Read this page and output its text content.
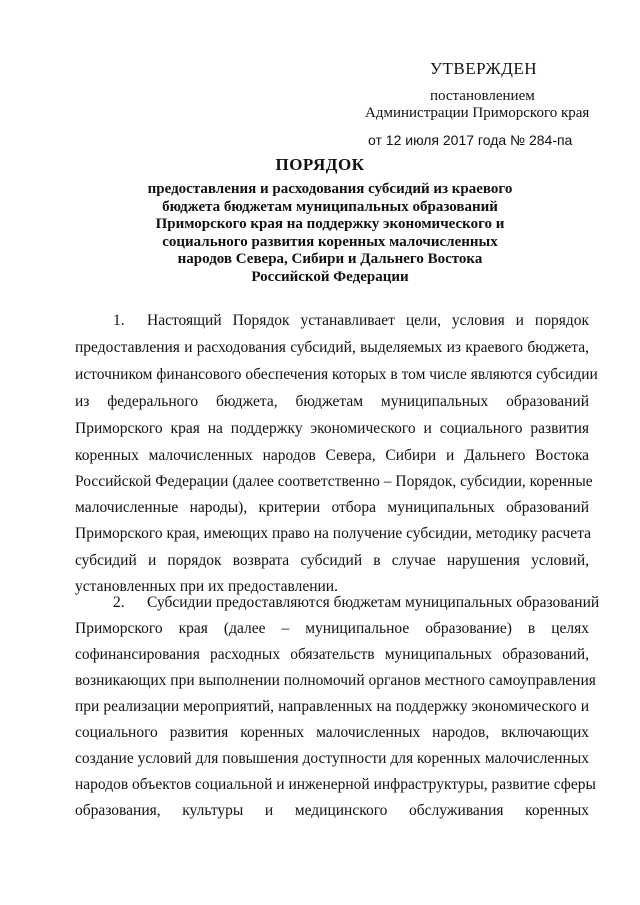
УТВЕРЖДЕН
постановлением
Администрации Приморского края
от 12 июля 2017 года № 284-па
ПОРЯДОК
предоставления и расходования субсидий из краевого
бюджета бюджетам муниципальных образований
Приморского края на поддержку экономического и
социального развития коренных малочисленных
народов Севера, Сибири и Дальнего Востока
Российской Федерации
1. Настоящий Порядок устанавливает цели, условия и порядок
предоставления и расходования субсидий, выделяемых из краевого бюджета,
источником финансового обеспечения которых в том числе являются субсидии
из федерального бюджета, бюджетам муниципальных образований
Приморского края на поддержку экономического и социального развития
коренных малочисленных народов Севера, Сибири и Дальнего Востока
Российской Федерации (далее соответственно – Порядок, субсидии, коренные
малочисленные народы), критерии отбора муниципальных образований
Приморского края, имеющих право на получение субсидии, методику расчета
субсидий и порядок возврата субсидий в случае нарушения условий,
установленных при их предоставлении.
2. Субсидии предоставляются бюджетам муниципальных образований
Приморского края (далее – муниципальное образование) в целях
софинансирования расходных обязательств муниципальных образований,
возникающих при выполнении полномочий органов местного самоуправления
при реализации мероприятий, направленных на поддержку экономического и
социального развития коренных малочисленных народов, включающих
создание условий для повышения доступности для коренных малочисленных
народов объектов социальной и инженерной инфраструктуры, развитие сферы
образования, культуры и медицинского обслуживания коренных
